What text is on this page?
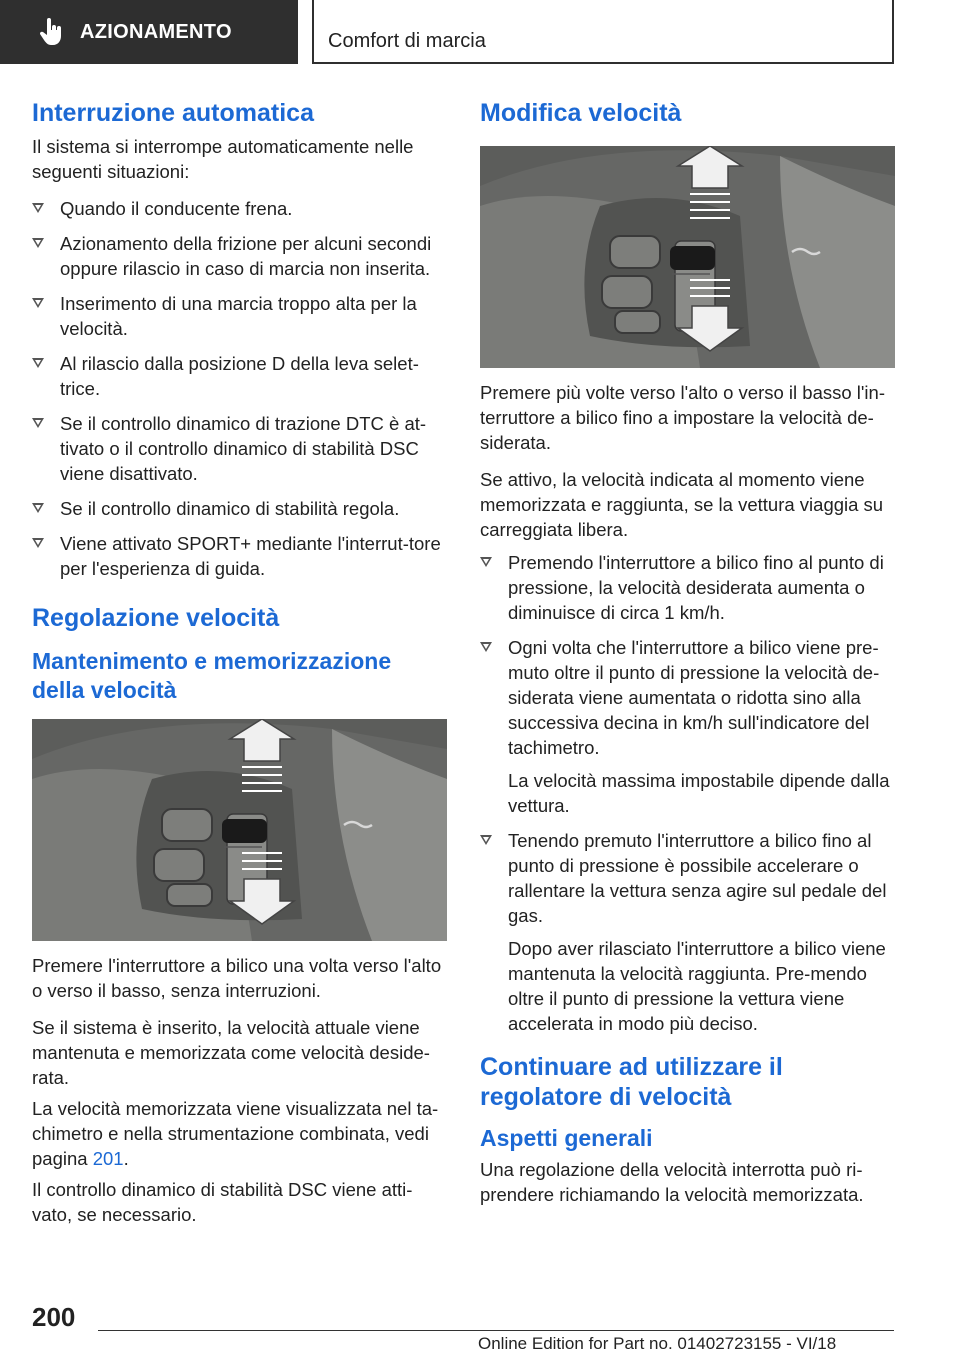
AZIONAMENTO	Comfort di marcia
Interruzione automatica

Il sistema si interrompe automaticamente nelle seguenti situazioni:

Quando il conducente frena.
Azionamento della frizione per alcuni secondi oppure rilascio in caso di marcia non inserita.
Inserimento di una marcia troppo alta per la velocità.
Al rilascio dalla posizione D della leva selet-trice.
Se il controllo dinamico di trazione DTC è at-tivato o il controllo dinamico di stabilità DSC viene disattivato.
Se il controllo dinamico di stabilità regola.
Viene attivato SPORT+ mediante l'interrut-tore per l'esperienza di guida.
Regolazione velocità
Mantenimento e memorizzazione della velocità

Premere l'interruttore a bilico una volta verso l'alto o verso il basso, senza interruzioni.

Se il sistema è inserito, la velocità attuale viene mantenuta e memorizzata come velocità deside-rata.

La velocità memorizzata viene visualizzata nel ta-chimetro e nella strumentazione combinata, vedi pagina 201.

Il controllo dinamico di stabilità DSC viene atti-vato, se necessario.

Modifica velocità

Premere più volte verso l'alto o verso il basso l'in-terruttore a bilico fino a impostare la velocità de-siderata.

Se attivo, la velocità indicata al momento viene memorizzata e raggiunta, se la vettura viaggia su carreggiata libera.

Premendo l'interruttore a bilico fino al punto di pressione, la velocità desiderata aumenta o diminuisce di circa 1 km/h.
Ogni volta che l'interruttore a bilico viene pre-muto oltre il punto di pressione la velocità de-siderata viene aumentata o ridotta sino alla successiva decina in km/h sull'indicatore del tachimetro.
La velocità massima impostabile dipende dalla vettura.
Tenendo premuto l'interruttore a bilico fino al punto di pressione è possibile accelerare o rallentare la vettura senza agire sul pedale del gas.
Dopo aver rilasciato l'interruttore a bilico viene mantenuta la velocità raggiunta. Pre-mendo oltre il punto di pressione la vettura viene accelerata in modo più deciso.
Continuare ad utilizzare il regolatore di velocità
Aspetti generali

Una regolazione della velocità interrotta può ri-prendere richiamando la velocità memorizzata.

200
Online Edition for Part no. 01402723155 - VI/18
